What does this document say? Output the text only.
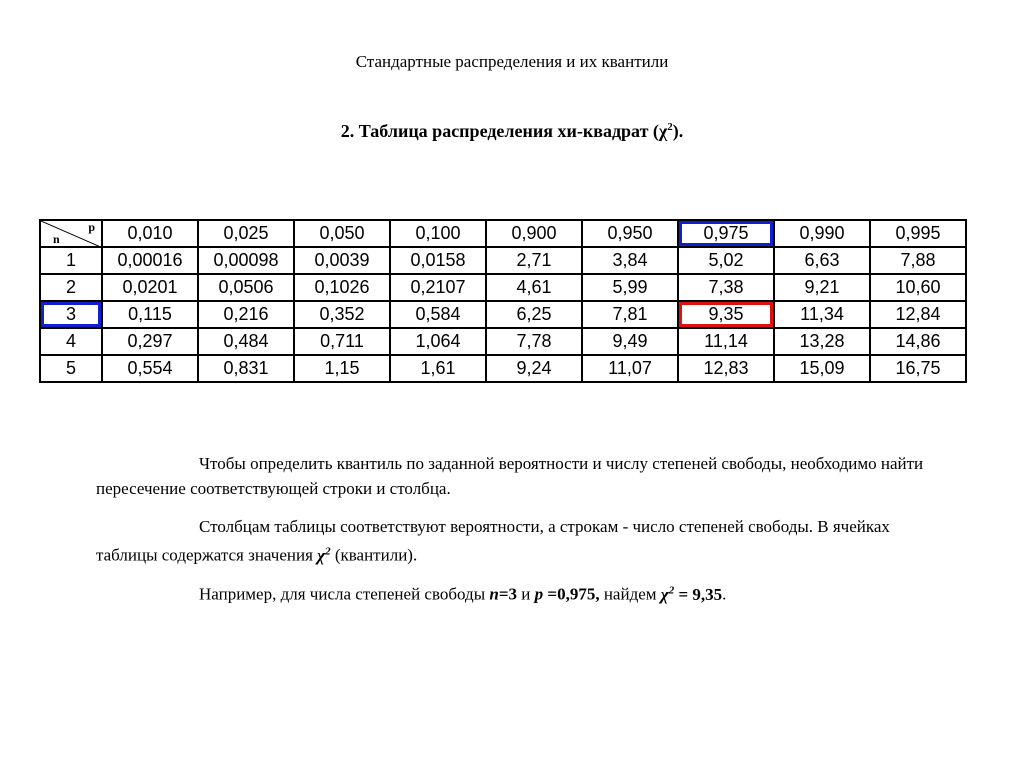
Стандартные распределения и их квантили
2. Таблица распределения хи-квадрат $(\chi^2)$.
p
n	0,010	0,025	0,050	0,100	0,900	0,950	0,975	0,990	0,995
1	0,00016	0,00098	0,0039	0,0158	2,71	3,84	5,02	6,63	7,88
2	0,0201	0,0506	0,1026	0,2107	4,61	5,99	7,38	9,21	10,60
3	0,115	0,216	0,352	0,584	6,25	7,81	9,35	11,34	12,84
4	0,297	0,484	0,711	1,064	7,78	9,49	11,14	13,28	14,86
5	0,554	0,831	1,15	1,61	9,24	11,07	12,83	15,09	16,75
Чтобы определить квантиль по заданной вероятности и числу степеней свободы, необходимо найти пересечение соответствующей строки и столбца.
Столбцам таблицы соответствуют вероятности, а строкам - число степеней свободы. В ячейках таблицы содержатся значения $\chi^2$ (квантили).
Например, для числа степеней свободы n=3 и p =0,975, найдем $\chi^2 = 9,35$.
